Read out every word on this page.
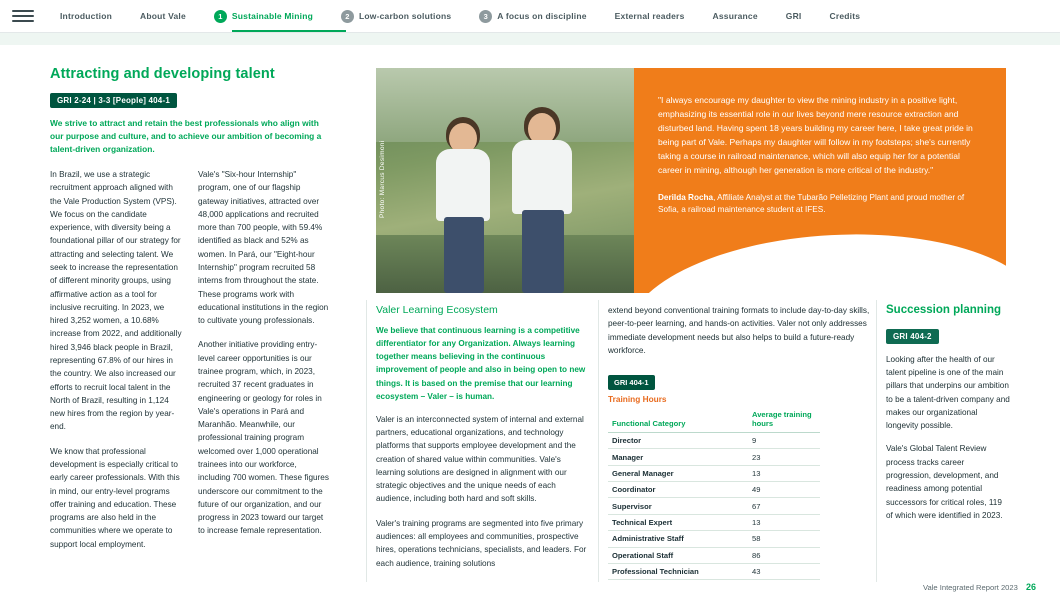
Introduction	About Vale	1	Sustainable Mining	2	Low-carbon solutions	3	A focus on discipline	External readers	Assurance	GRI	Credits
Attracting and developing talent
GRI 2-24 | 3-3 [People] 404-1

We strive to attract and retain the best professionals who align with our purpose and culture, and to achieve our ambition of becoming a talent-driven organization.

In Brazil, we use a strategic recruitment approach aligned with the Vale Production System (VPS). We focus on the candidate experience, with diversity being a foundational pillar of our strategy for attracting and selecting talent. We seek to increase the representation of different minority groups, using affirmative action as a tool for inclusive recruiting. In 2023, we hired 3,252 women, a 10.68% increase from 2022, and additionally hired 3,946 black people in Brazil, representing 67.8% of our hires in the country. We also increased our efforts to recruit local talent in the North of Brazil, resulting in 1,124 new hires from the region by year-end.

We know that professional development is especially critical to early career professionals. With this in mind, our entry-level programs offer training and education. These programs are also held in the communities where we operate to support local employment.

Vale's "Six-hour Internship" program, one of our flagship gateway initiatives, attracted over 48,000 applications and recruited more than 700 people, with 59.4% identified as black and 52% as women. In Pará, our "Eight-hour Internship" program recruited 58 interns from throughout the state. These programs work with educational institutions in the region to cultivate young professionals.

Another initiative providing entry-level career opportunities is our trainee program, which, in 2023, recruited 37 recent graduates in engineering or geology for roles in Vale's operations in Pará and Maranhão. Meanwhile, our professional training program welcomed over 1,000 operational trainees into our workforce, including 700 women. These figures underscore our commitment to the future of our organization, and our progress in 2023 toward our target to increase female representation.

Photo: Marcus Desimoni

"I always encourage my daughter to view the mining industry in a positive light, emphasizing its essential role in our lives beyond mere resource extraction and disturbed land. Having spent 18 years building my career here, I take great pride in being part of Vale. Perhaps my daughter will follow in my footsteps; she's currently taking a course in railroad maintenance, which will also equip her for a potential career in mining, although her generation is more critical of the industry."

Derilda Rocha, Affiliate Analyst at the Tubarão Pelletizing Plant and proud mother of Sofia, a railroad maintenance student at IFES.
Valer Learning Ecosystem

We believe that continuous learning is a competitive differentiator for any Organization. Always learning together means believing in the continuous improvement of people and also in being open to new things. It is based on the premise that our learning ecosystem – Valer – is human.

Valer is an interconnected system of internal and external partners, educational organizations, and technology platforms that supports employee development and the creation of shared value within communities. Vale's learning solutions are designed in alignment with our strategic objectives and the unique needs of each audience, including both hard and soft skills.

Valer's training programs are segmented into five primary audiences: all employees and communities, prospective hires, operations technicians, specialists, and leaders. For each audience, training solutions

extend beyond conventional training formats to include day-to-day skills, peer-to-peer learning, and hands-on activities. Valer not only addresses immediate development needs but also helps to build a future-ready workforce.

GRI 404-1

Training Hours

Functional Category	Average training hours
Director	9
Manager	23
General Manager	13
Coordinator	49
Supervisor	67
Technical Expert	13
Administrative Staff	58
Operational Staff	86
Professional Technician	43
Succession planning
GRI 404-2

Looking after the health of our talent pipeline is one of the main pillars that underpins our ambition to be a talent-driven company and makes our organizational longevity possible.

Vale's Global Talent Review process tracks career progression, development, and readiness among potential successors for critical roles, 119 of which were identified in 2023.

Vale Integrated Report 2023 26
